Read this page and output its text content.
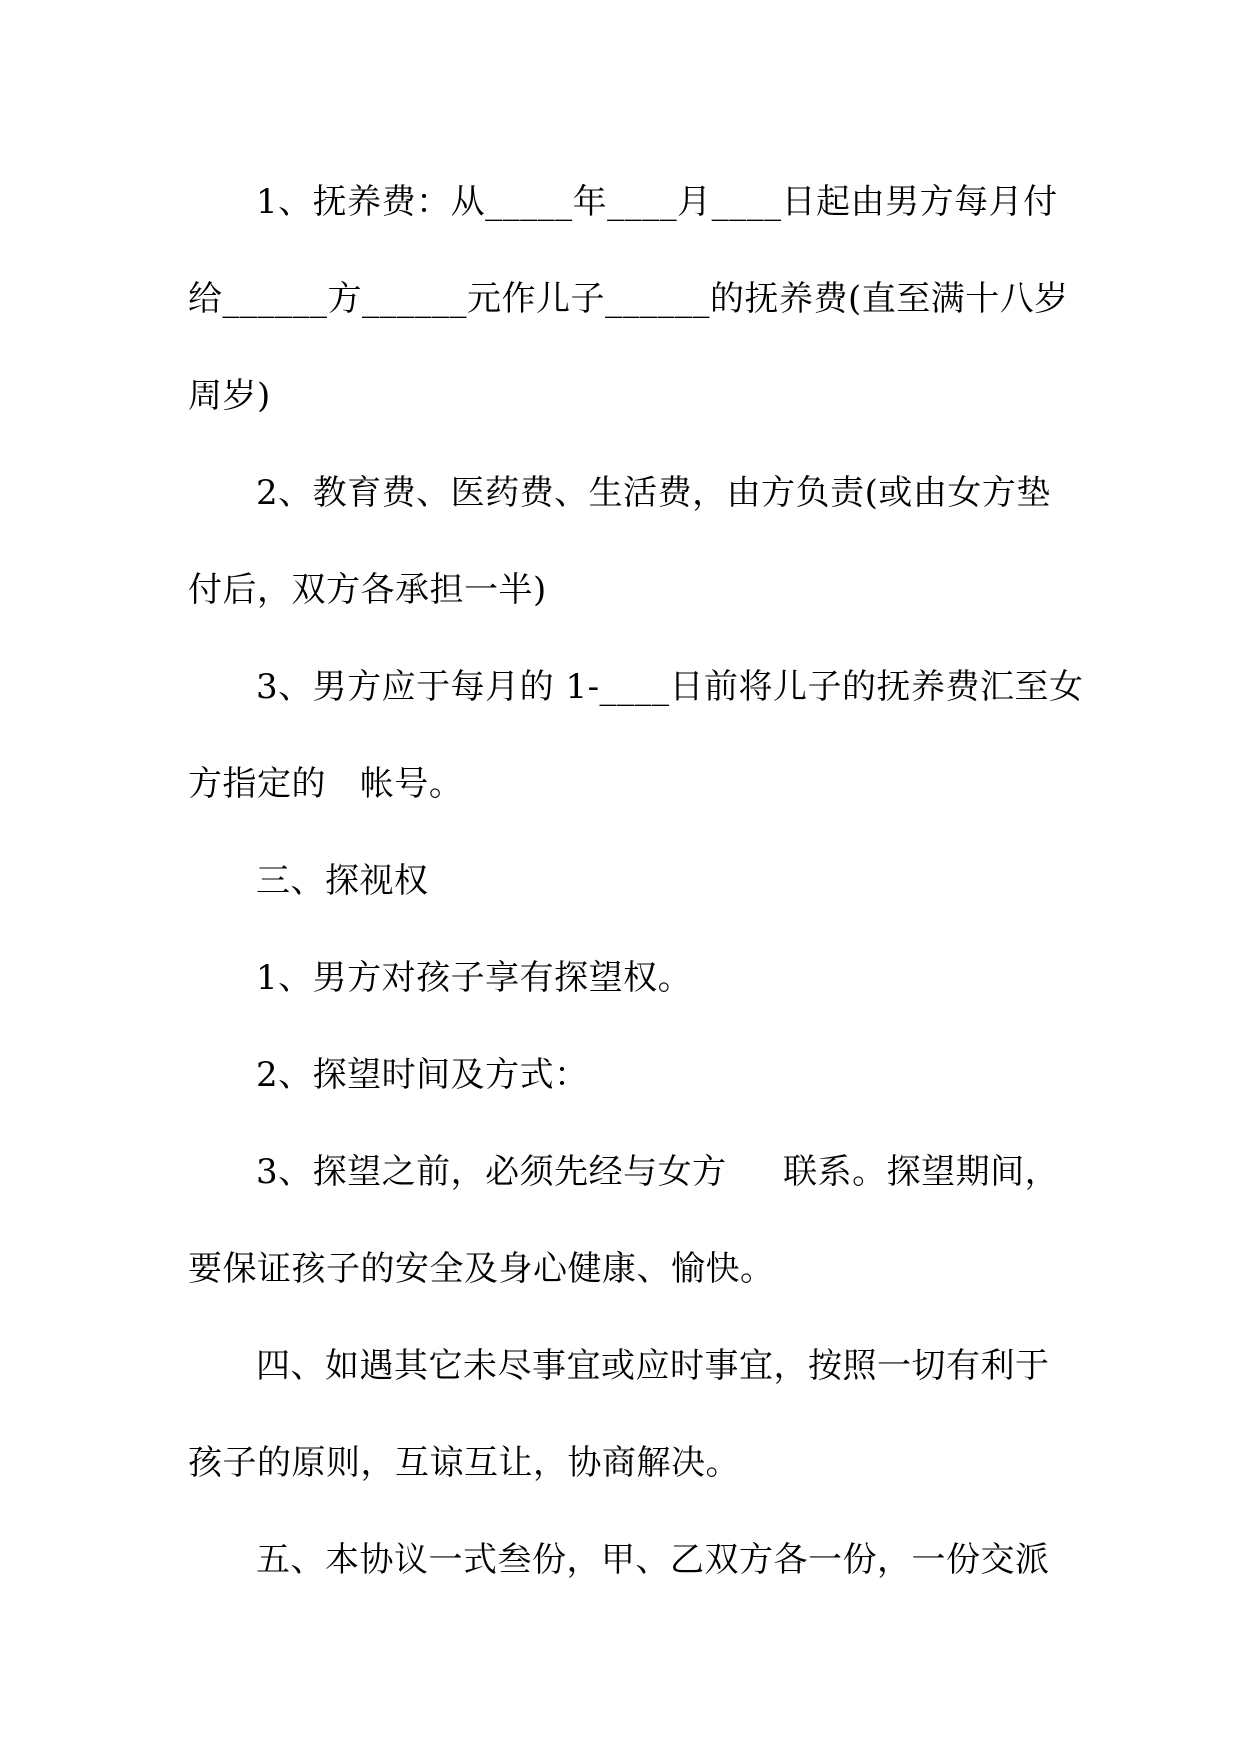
1、抚养费：从_____年____月____日起由男方每月付

给______方______元作儿子______的抚养费(直至满十八岁

周岁)

2、教育费、医药费、生活费，由方负责(或由女方垫

付后，双方各承担一半)

3、男方应于每月的 1-____日前将儿子的抚养费汇至女

方指定的   帐号。

三、探视权

1、男方对孩子享有探望权。

2、探望时间及方式：

3、探望之前，必须先经与女方     联系。探望期间，

要保证孩子的安全及身心健康、愉快。

四、如遇其它未尽事宜或应时事宜，按照一切有利于

孩子的原则，互谅互让，协商解决。

五、本协议一式叁份，甲、乙双方各一份，一份交派
